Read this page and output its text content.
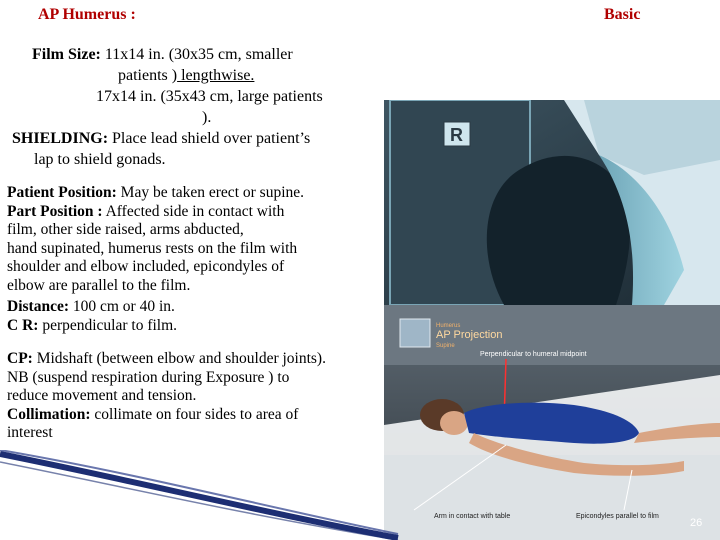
AP Humerus :	Basic

Film Size: 11x14 in. (30x35 cm, smaller

patients ) lengthwise.

17x14 in. (35x43 cm, large patients

).

SHIELDING: Place lead shield over patient’s

lap to shield gonads.

Patient Position: May be taken erect or supine.

Part Position : Affected side in contact with

film, other side raised, arms abducted,

hand supinated, humerus rests on the film with

shoulder and elbow included, epicondyles of

elbow are parallel to the film.

Distance: 100 cm or 40 in.

C R: perpendicular to film.

CP: Midshaft (between elbow and shoulder joints).

NB (suspend respiration during Exposure ) to

reduce movement and tension.

Collimation: collimate on four sides to area of

interest

R
Humerus
AP Projection
Supine
Perpendicular to humeral midpoint
Arm in contact with table	Epicondyles parallel to film
26
